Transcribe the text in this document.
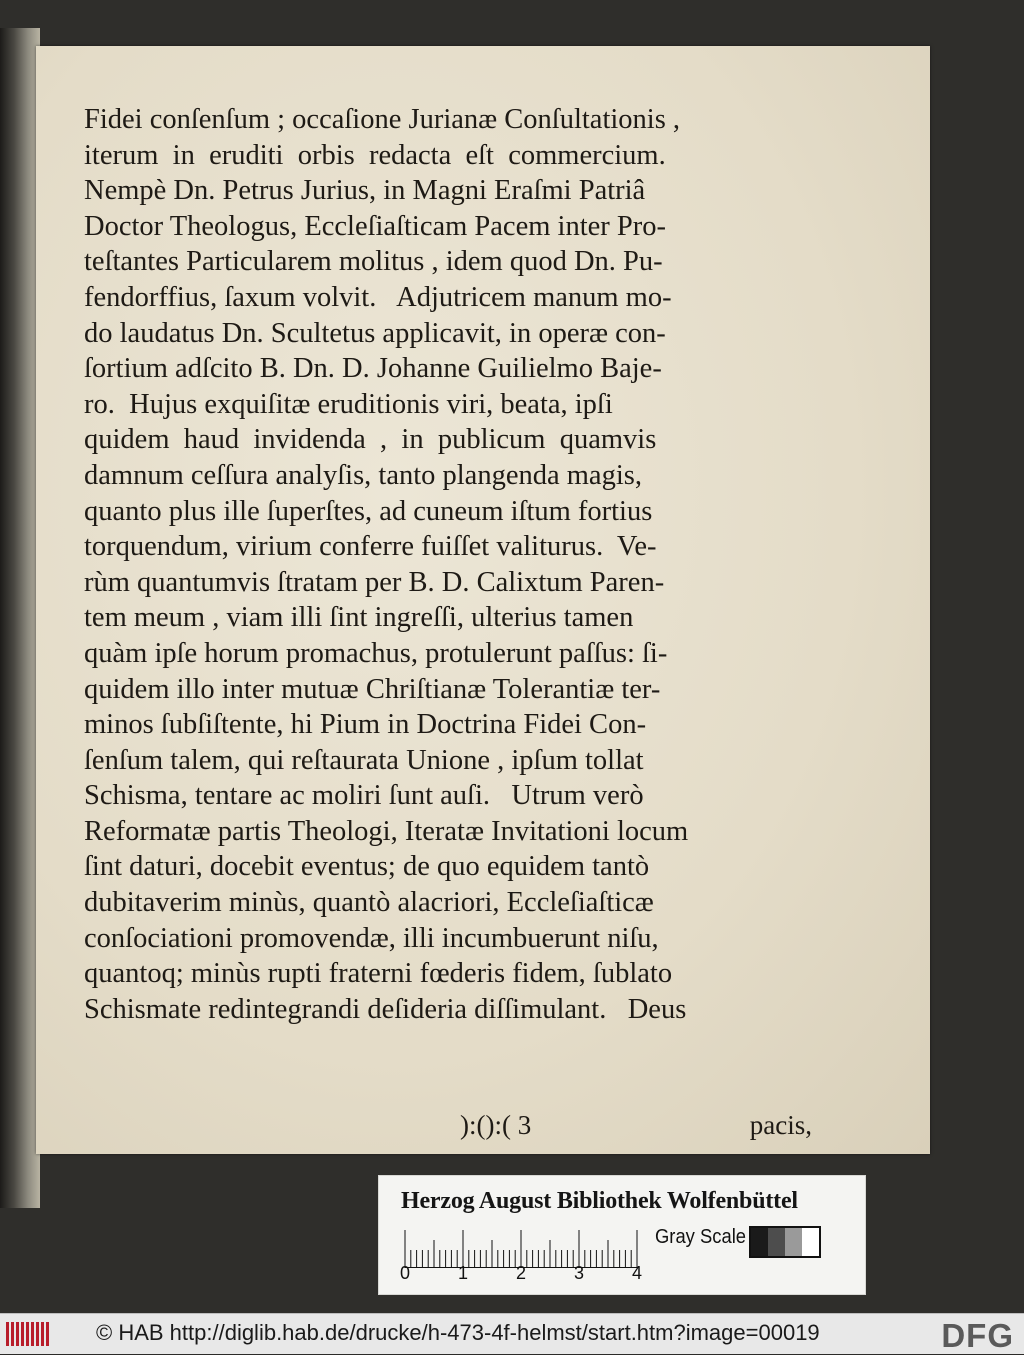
Fidei conſenſum ; occaſione Jurianæ Conſultationis ,
iterum  in  eruditi  orbis  redacta  eſt  commercium.
Nempè Dn. Petrus Jurius, in Magni Eraſmi Patriâ
Doctor Theologus, Eccleſiaſticam Pacem inter Pro-
teſtantes Particularem molitus , idem quod Dn. Pu-
fendorffius, ſaxum volvit.   Adjutricem manum mo-
do laudatus Dn. Scultetus applicavit, in operæ con-
ſortium adſcito B. Dn. D. Johanne Guilielmo Baje-
ro.  Hujus exquiſitæ eruditionis viri, beata, ipſi
quidem  haud  invidenda  ,  in  publicum  quamvis
damnum ceſſura analyſis, tanto plangenda magis,
quanto plus ille ſuperſtes, ad cuneum iſtum fortius
torquendum, virium conferre fuiſſet valiturus.  Ve-
rùm quantumvis ſtratam per B. D. Calixtum Paren-
tem meum , viam illi ſint ingreſſi, ulterius tamen
quàm ipſe horum promachus, protulerunt paſſus: ſi-
quidem illo inter mutuæ Chriſtianæ Tolerantiæ ter-
minos ſubſiſtente, hi Pium in Doctrina Fidei Con-
ſenſum talem, qui reſtaurata Unione , ipſum tollat
Schisma, tentare ac moliri ſunt auſi.   Utrum verò
Reformatæ partis Theologi, Iteratæ Invitationi locum
ſint daturi, docebit eventus; de quo equidem tantò
dubitaverim minùs, quantò alacriori, Eccleſiaſticæ
conſociationi promovendæ, illi incumbuerunt niſu,
quantoq; minùs rupti fraterni fœderis fidem, ſublato
Schismate redintegrandi deſideria diſſimulant.   Deus
):():( 3	pacis,
Herzog August Bibliothek Wolfenbüttel
0	1	2	3	4
Gray Scale
© HAB http://diglib.hab.de/drucke/h-473-4f-helmst/start.htm?image=00019	DFG
